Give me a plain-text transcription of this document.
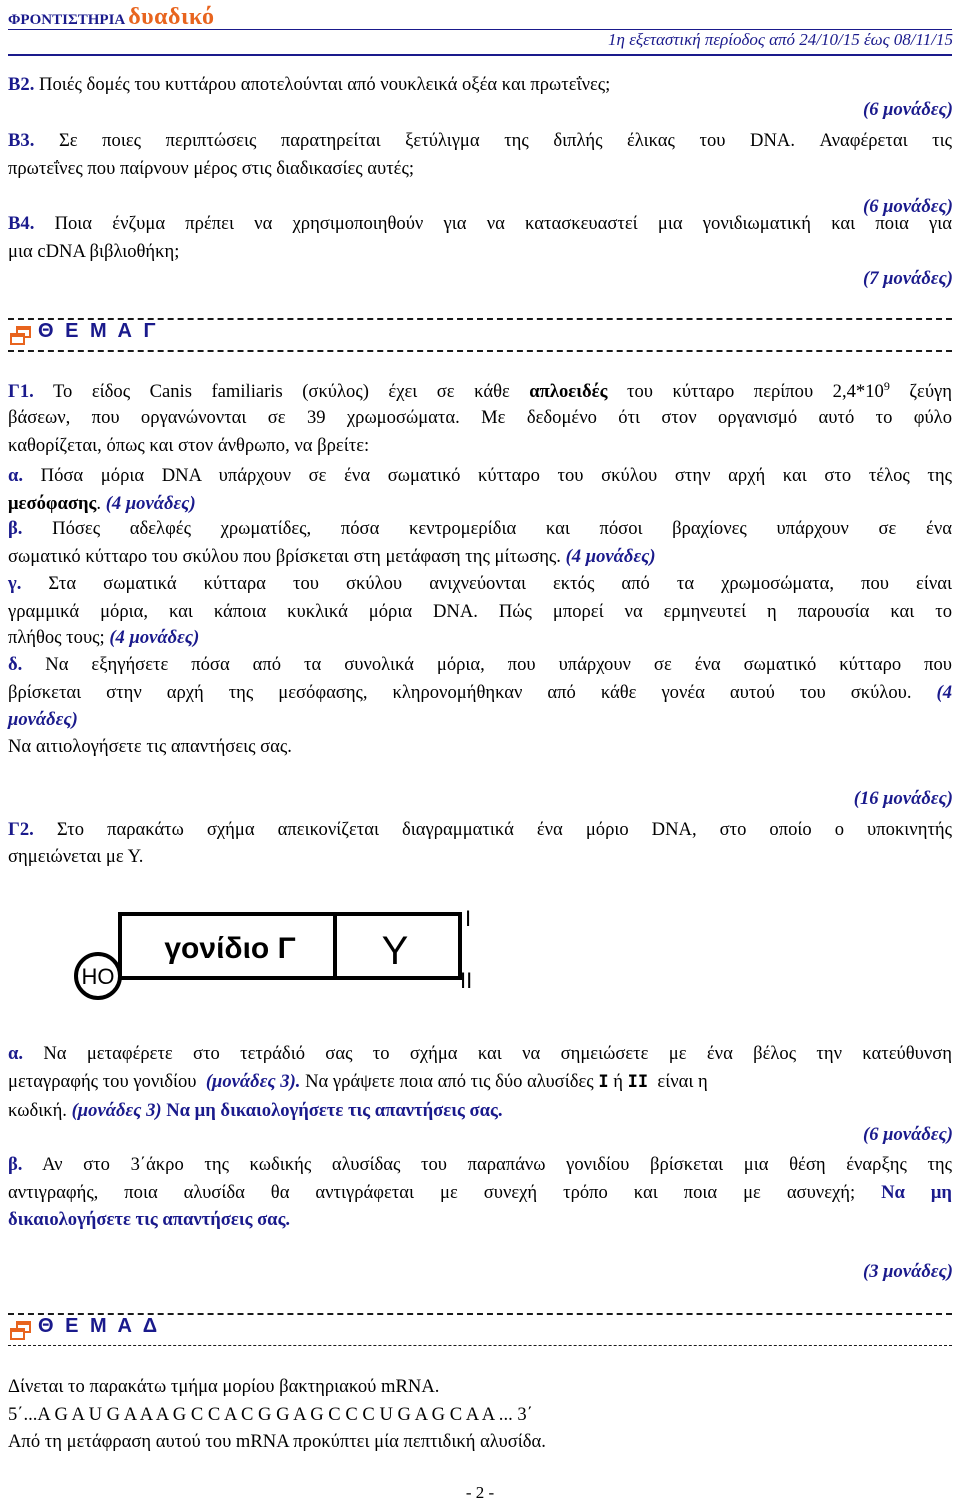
ΦΡΟΝΤΙΣΤΗΡΙΑ δυαδικό
1η εξεταστική περίοδος από 24/10/15 έως 08/11/15
Β2. Ποιές δομές του κυττάρου αποτελούνται από νουκλεικά οξέα και πρωτεΐνες;
(6 μονάδες)
Β3. Σε ποιες περιπτώσεις παρατηρείται ξετύλιγμα της διπλής έλικας του DNA. Αναφέρεται τις
πρωτεΐνες που παίρνουν μέρος στις διαδικασίες αυτές;
(6 μονάδες)
Β4. Ποια ένζυμα πρέπει να χρησιμοποιηθούν για να κατασκευαστεί μια γονιδιωματική και ποια για
μια cDNA βιβλιοθήκη;
(7 μονάδες)
Θ Ε Μ Α Γ
Γ1. Το είδος Canis familiaris (σκύλος) έχει σε κάθε απλοειδές του κύτταρο περίπου $2,4*10^9$ ζεύγη
βάσεων, που οργανώνονται σε 39 χρωμοσώματα. Με δεδομένο ότι στον οργανισμό αυτό το φύλο
καθορίζεται, όπως και στον άνθρωπο, να βρείτε:
α. Πόσα μόρια DNA υπάρχουν σε ένα σωματικό κύτταρο του σκύλου στην αρχή και στο τέλος της
μεσόφασης. (4 μονάδες)
β. Πόσες αδελφές χρωματίδες, πόσα κεντρομερίδια και πόσοι βραχίονες υπάρχουν σε ένα
σωματικό κύτταρο του σκύλου που βρίσκεται στη μετάφαση της μίτωσης. (4 μονάδες)
γ. Στα σωματικά κύτταρα του σκύλου ανιχνεύονται εκτός από τα χρωμοσώματα, που είναι
γραμμικά μόρια, και κάποια κυκλικά μόρια DNA. Πώς μπορεί να ερμηνευτεί η παρουσία και το
πλήθος τους; (4 μονάδες)
δ. Να εξηγήσετε πόσα από τα συνολικά μόρια, που υπάρχουν σε ένα σωματικό κύτταρο που
βρίσκεται στην αρχή της μεσόφασης, κληρονομήθηκαν από κάθε γονέα αυτού του σκύλου. (4
μονάδες)
Να αιτιολογήσετε τις απαντήσεις σας.
(16 μονάδες)
Γ2. Στο παρακάτω σχήμα απεικονίζεται διαγραμματικά ένα μόριο DNA, στο οποίο ο υποκινητής
σημειώνεται με Υ.
HO
γονίδιο Γ Y
I
II
α. Να μεταφέρετε στο τετράδιό σας το σχήμα και να σημειώσετε με ένα βέλος την κατεύθυνση
μεταγραφής του γονιδίου (μονάδες 3). Να γράψετε ποια από τις δύο αλυσίδες I ή II είναι η
κωδική. (μονάδες 3) Να μη δικαιολογήσετε τις απαντήσεις σας.
(6 μονάδες)
β. Αν στο 3΄άκρο της κωδικής αλυσίδας του παραπάνω γονιδίου βρίσκεται μια θέση έναρξης της
αντιγραφής, ποια αλυσίδα θα αντιγράφεται με συνεχή τρόπο και ποια με ασυνεχή; Να μη
δικαιολογήσετε τις απαντήσεις σας.
(3 μονάδες)
Θ Ε Μ Α Δ
Δίνεται το παρακάτω τμήμα μορίου βακτηριακού mRNA.
5΄...A G A U G A A A G C C A C G G A G C C C U G A G C A A ... 3΄
Από τη μετάφραση αυτού του mRNA προκύπτει μία πεπτιδική αλυσίδα.
- 2 -
